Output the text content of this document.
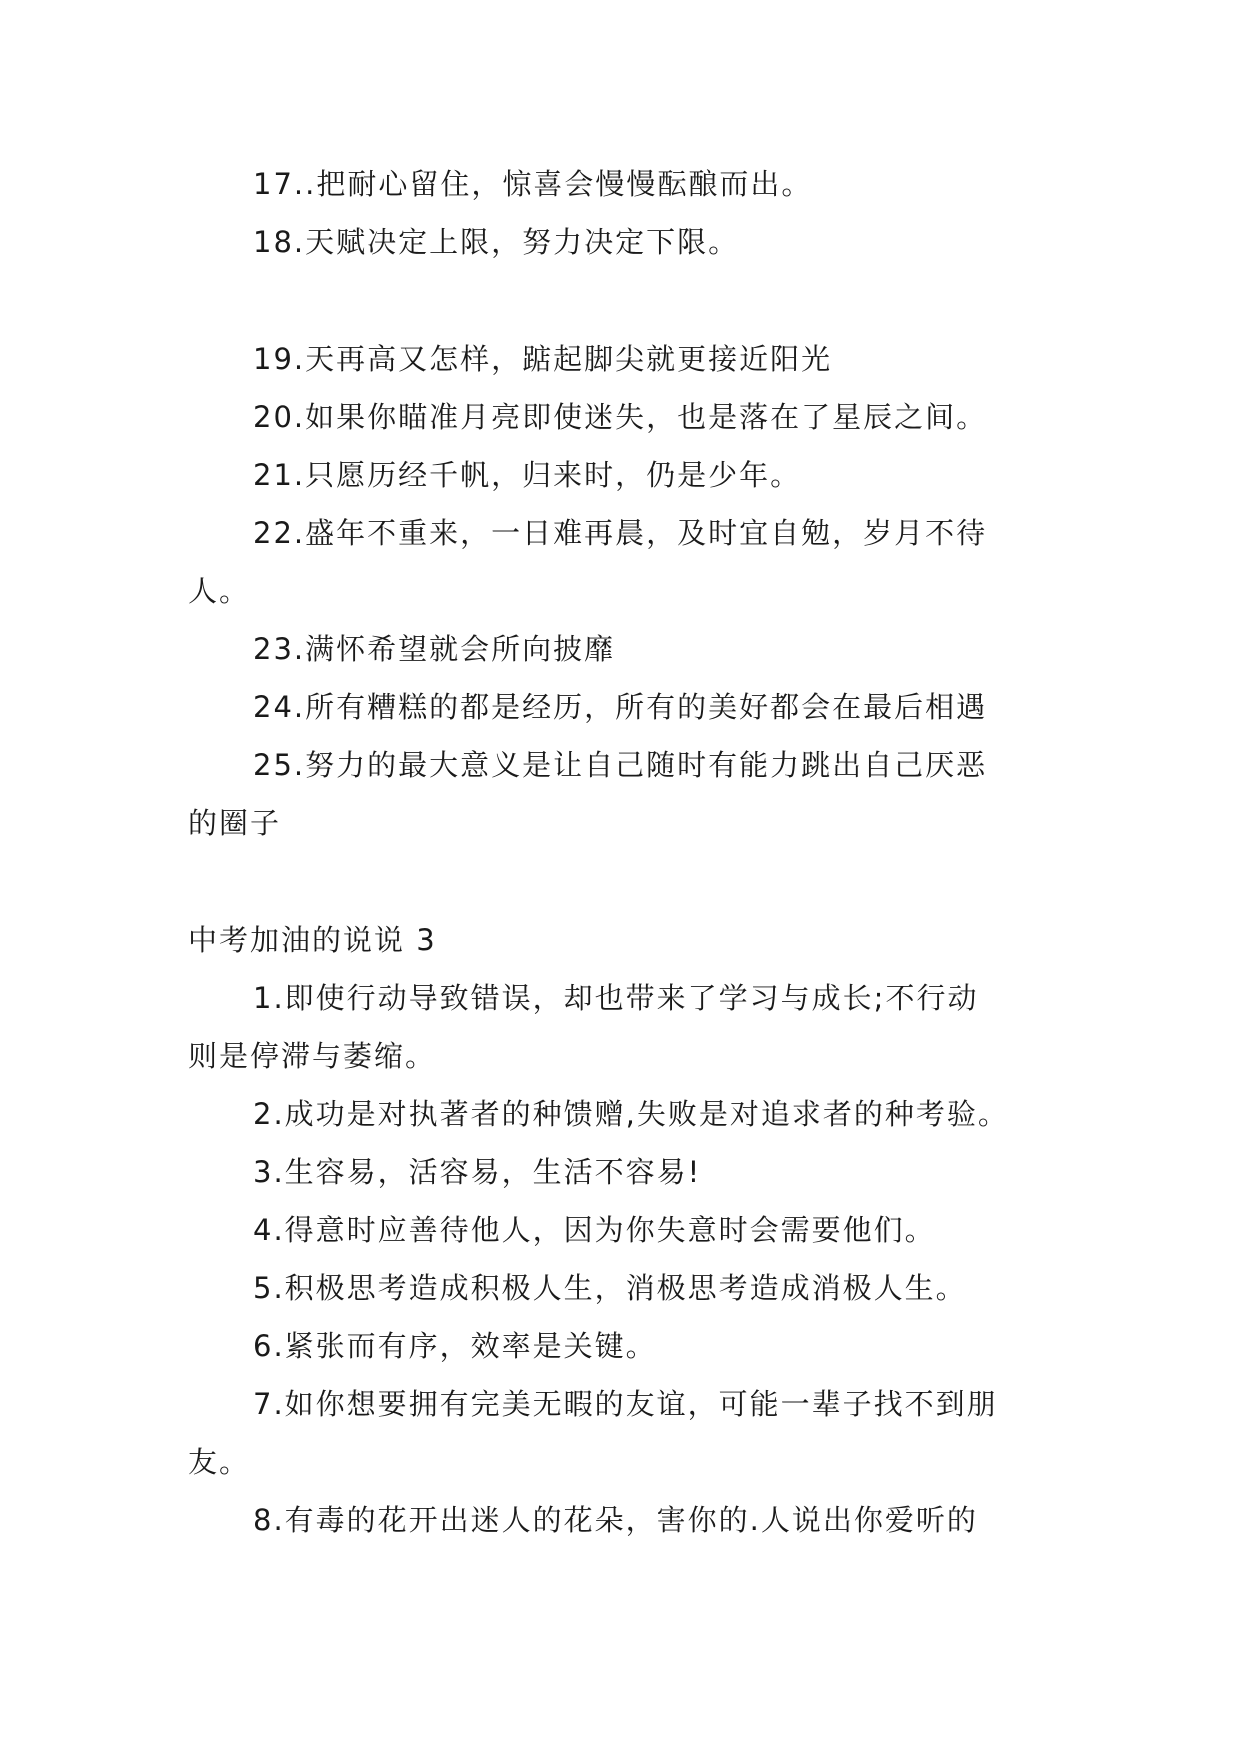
17..把耐心留住，惊喜会慢慢酝酿而出。
18.天赋决定上限，努力决定下限。
19.天再高又怎样，踮起脚尖就更接近阳光
20.如果你瞄准月亮即使迷失，也是落在了星辰之间。
21.只愿历经千帆，归来时，仍是少年。
22.盛年不重来，一日难再晨，及时宜自勉，岁月不待
人。
23.满怀希望就会所向披靡
24.所有糟糕的都是经历，所有的美好都会在最后相遇
25.努力的最大意义是让自己随时有能力跳出自己厌恶
的圈子
中考加油的说说 3
1.即使行动导致错误，却也带来了学习与成长;不行动
则是停滞与萎缩。
2.成功是对执著者的种馈赠,失败是对追求者的种考验。
3.生容易，活容易，生活不容易!
4.得意时应善待他人，因为你失意时会需要他们。
5.积极思考造成积极人生，消极思考造成消极人生。
6.紧张而有序，效率是关键。
7.如你想要拥有完美无暇的友谊，可能一辈子找不到朋
友。
8.有毒的花开出迷人的花朵，害你的.人说出你爱听的
